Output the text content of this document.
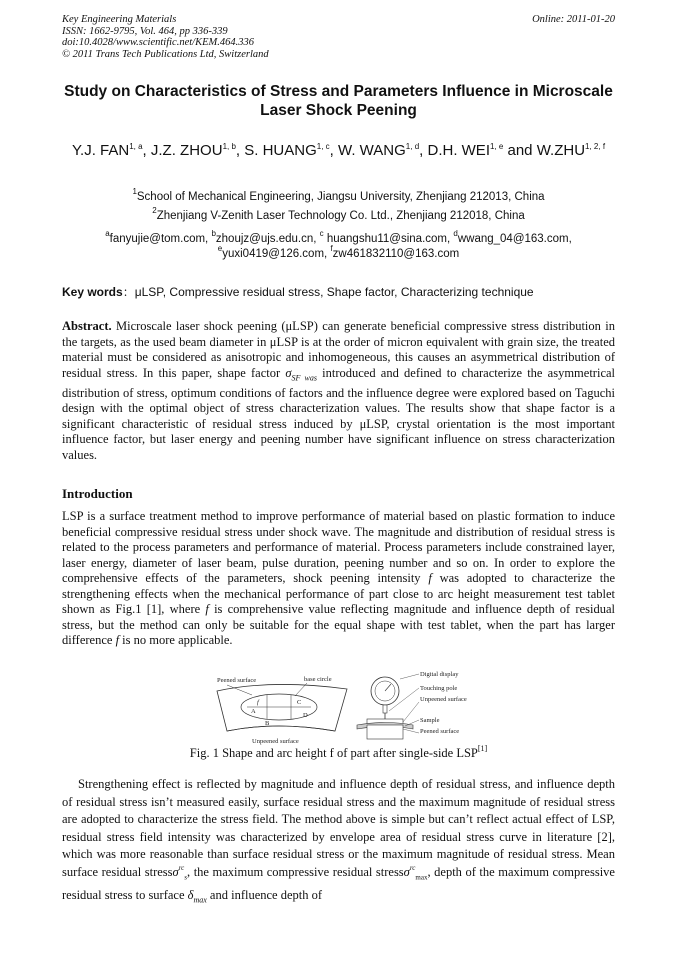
Key Engineering Materials
ISSN: 1662-9795, Vol. 464, pp 336-339
doi:10.4028/www.scientific.net/KEM.464.336
© 2011 Trans Tech Publications Ltd, Switzerland
Online: 2011-01-20
Study on Characteristics of Stress and Parameters Influence in Microscale Laser Shock Peening
Y.J. FAN$^{1, a}$, J.Z. ZHOU$^{1, b}$, S. HUANG$^{1, c}$, W. WANG$^{1, d}$, D.H. WEI$^{1, e}$ and W.ZHU$^{1, 2, f}$
$^1$School of Mechanical Engineering, Jiangsu University, Zhenjiang 212013, China
$^2$Zhenjiang V-Zenith Laser Technology Co. Ltd., Zhenjiang 212018, China
$^a$fanyujie@tom.com, $^b$zhoujz@ujs.edu.cn, $^c$ huangshu11@sina.com, $^d$wwang_04@163.com,
$^e$yuxi0419@126.com, $^f$zw461832110@163.com
Key words：μLSP, Compressive residual stress, Shape factor, Characterizing technique
Abstract. Microscale laser shock peening (μLSP) can generate beneficial compressive stress distribution in the targets, as the used beam diameter in μLSP is at the order of micron equivalent with grain size, the treated material must be considered as anisotropic and inhomogeneous, this causes an asymmetrical distribution of residual stress. In this paper, shape factor $\sigma_{SF was}$ introduced and defined to characterize the asymmetrical distribution of stress, optimum conditions of factors and the influence degree were explored based on Taguchi design with the optimal object of stress characterization values. The results show that shape factor is a significant characteristic of residual stress induced by μLSP, crystal orientation is the most important influence factor, but laser energy and peening number have significant influence on stress characterization values.
Introduction
LSP is a surface treatment method to improve performance of material based on plastic formation to induce beneficial compressive residual stress under shock wave. The magnitude and distribution of residual stress is related to the process parameters and performance of material. Process parameters include constrained layer, laser energy, diameter of laser beam, pulse duration, peening number and so on. In order to explore the comprehensive effects of the parameters, shock peening intensity f was adopted to characterize the strengthening effects when the mechanical performance of part close to arc height measurement test tablet shown as Fig.1 [1], where f is comprehensive value reflecting magnitude and influence depth of residual stress, but the method can only be suitable for the equal shape with test tablet, when the part has larger difference f is no more applicable.
Peened surface	base circle
f
A
B
C
D
Unpeened surface
Digital display
Touching pole
Unpeened surface
Sample
Peened surface
Fig. 1 Shape and arc height f of part after single-side LSP[1]
Strengthening effect is reflected by magnitude and influence depth of residual stress, and influence depth of residual stress isn’t measured easily, surface residual stress and the maximum magnitude of residual stress are adopted to characterize the stress field. The method above is simple but can’t reflect actual effect of LSP, residual stress field intensity was characterized by envelope area of residual stress curve in literature [2], which was more reasonable than surface residual stress or the maximum magnitude of residual stress. Mean surface residual stressσ$^{rc}_s$, the maximum compressive residual stressσ$^{rc}_{max}$, depth of the maximum compressive residual stress to surface $\delta_{max}$ and influence depth of
